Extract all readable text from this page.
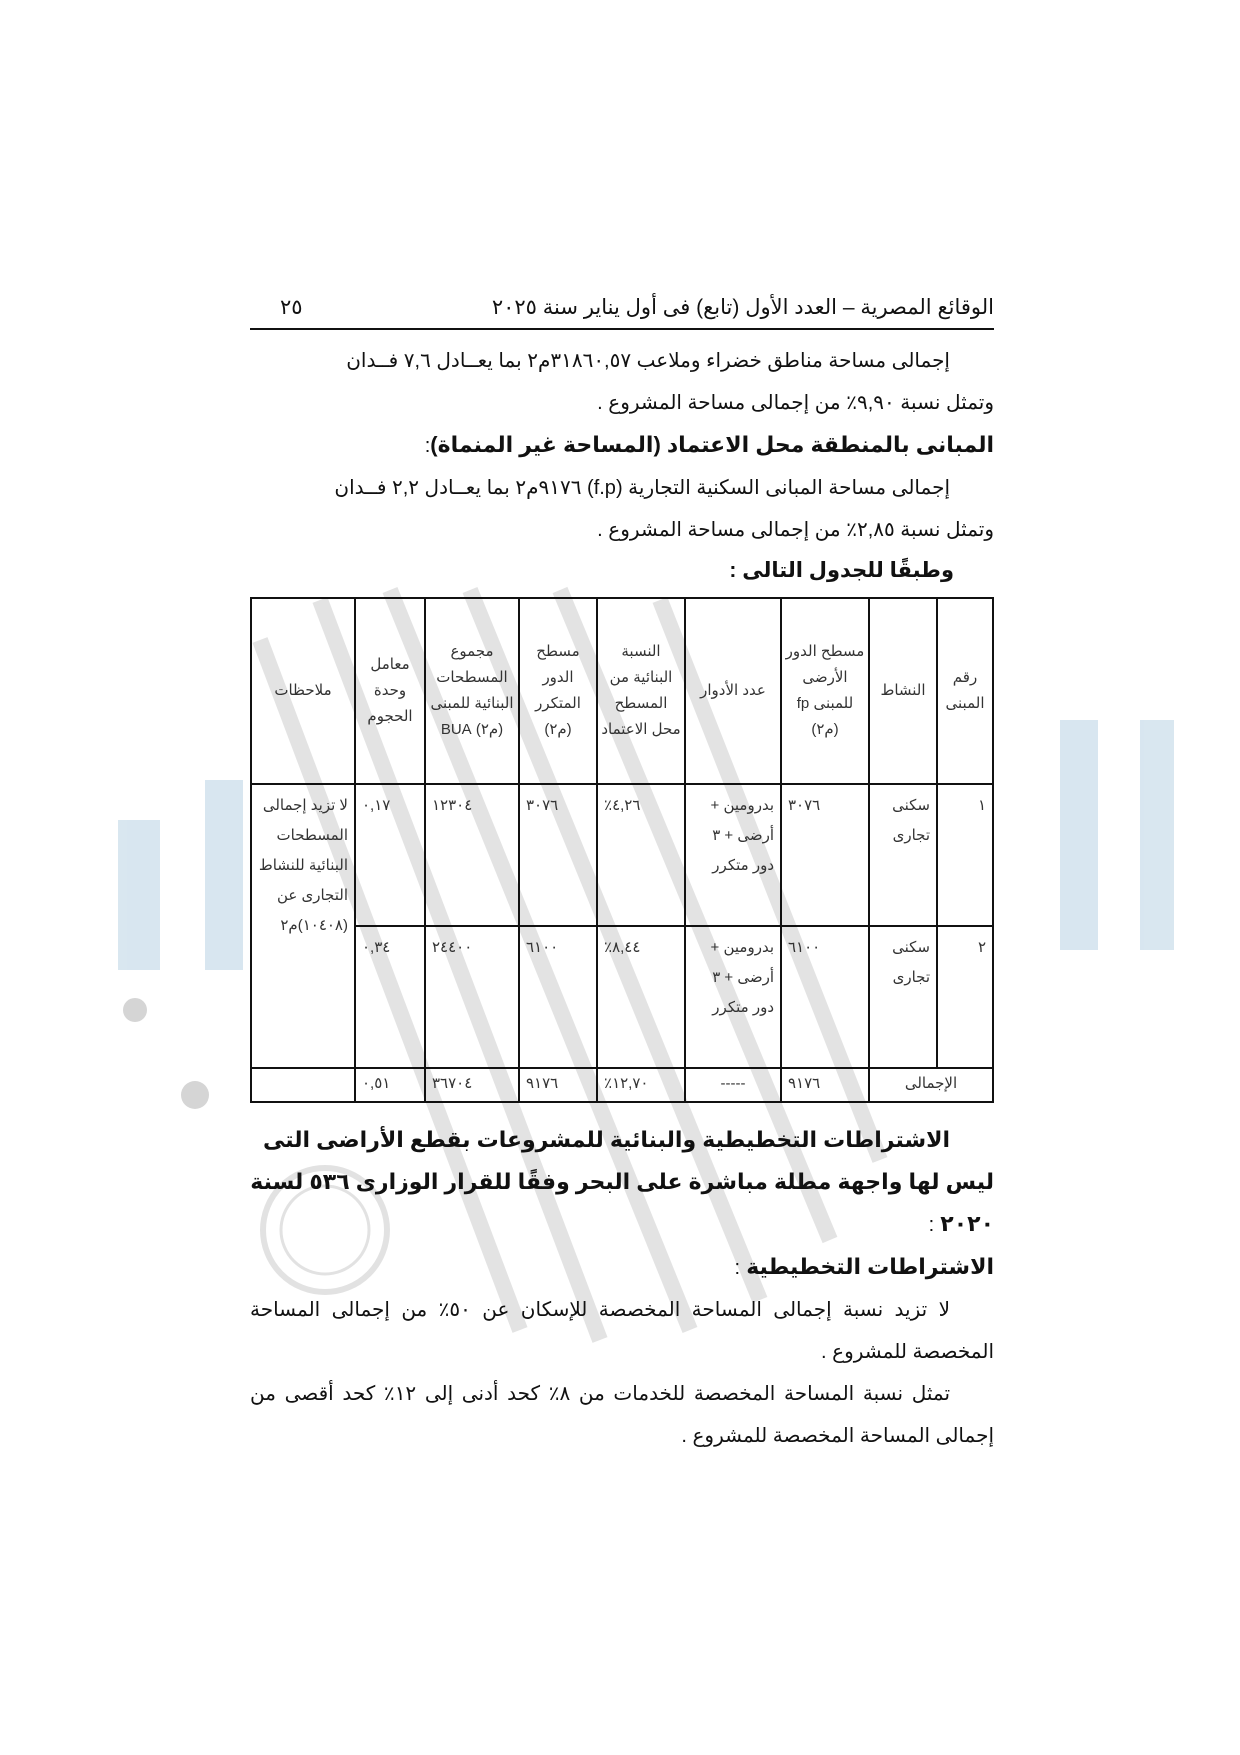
الوقائع المصرية – العدد الأول (تابع) فى أول يناير سنة ٢٠٢٥
٢٥

إجمالى مساحة مناطق خضراء وملاعب ٣١٨٦٠,٥٧م٢ بما يعــادل ٧,٦ فــدان

وتمثل نسبة ٩,٩٠٪ من إجمالى مساحة المشروع .

المبانى بالمنطقة محل الاعتماد (المساحة غير المنماة):

إجمالى مساحة المبانى السكنية التجارية (f.p) ٩١٧٦م٢ بما يعــادل ٢,٢ فــدان

وتمثل نسبة ٢,٨٥٪ من إجمالى مساحة المشروع .

وطبقًا للجدول التالى :
رقم المبنى	النشاط	مسطح الدور الأرضى للمبنى fp (م٢)	عدد الأدوار	النسبة البنائية من المسطح محل الاعتماد	مسطح الدور المتكرر (م٢)	مجموع المسطحات البنائية للمبنى (م٢) BUA	معامل وحدة الحجوم	ملاحظات
١	سكنى تجارى	٣٠٧٦	بدرومين + أرضى + ٣ دور متكرر	٤,٢٦٪	٣٠٧٦	١٢٣٠٤	٠,١٧	لا تزيد إجمالى المسطحات البنائية للنشاط التجارى عن (١٠٤٠٨)م٢
٢	سكنى تجارى	٦١٠٠	بدرومين + أرضى + ٣ دور متكرر	٨,٤٤٪	٦١٠٠	٢٤٤٠٠	٠,٣٤	
الإجمالى		٩١٧٦	-----	١٢,٧٠٪	٩١٧٦	٣٦٧٠٤	٠,٥١	
الاشتراطات التخطيطية والبنائية للمشروعات بقطع الأراضى التى ليس لها واجهة مطلة مباشرة على البحر وفقًا للقرار الوزارى ٥٣٦ لسنة ٢٠٢٠ :
الاشتراطات التخطيطية :

لا تزيد نسبة إجمالى المساحة المخصصة للإسكان عن ٥٠٪ من إجمالى المساحة المخصصة للمشروع .

تمثل نسبة المساحة المخصصة للخدمات من ٨٪ كحد أدنى إلى ١٢٪ كحد أقصى من إجمالى المساحة المخصصة للمشروع .
